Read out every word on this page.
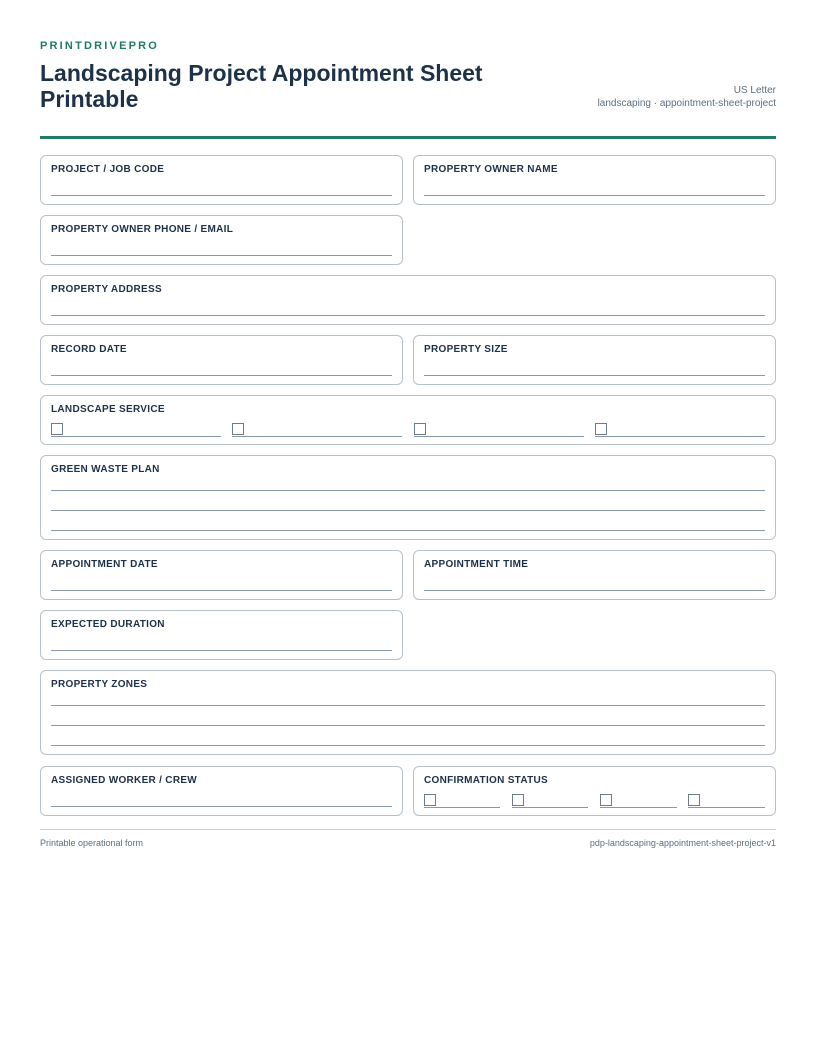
PRINTDRIVEPRO
Landscaping Project Appointment Sheet Printable	US Letter
landscaping · appointment-sheet-project
PROJECT / JOB CODE	PROPERTY OWNER NAME
PROPERTY OWNER PHONE / EMAIL
PROPERTY ADDRESS
RECORD DATE	PROPERTY SIZE
LANDSCAPE SERVICE
GREEN WASTE PLAN
APPOINTMENT DATE	APPOINTMENT TIME
EXPECTED DURATION
PROPERTY ZONES
ASSIGNED WORKER / CREW	CONFIRMATION STATUS
Printable operational form	pdp-landscaping-appointment-sheet-project-v1
